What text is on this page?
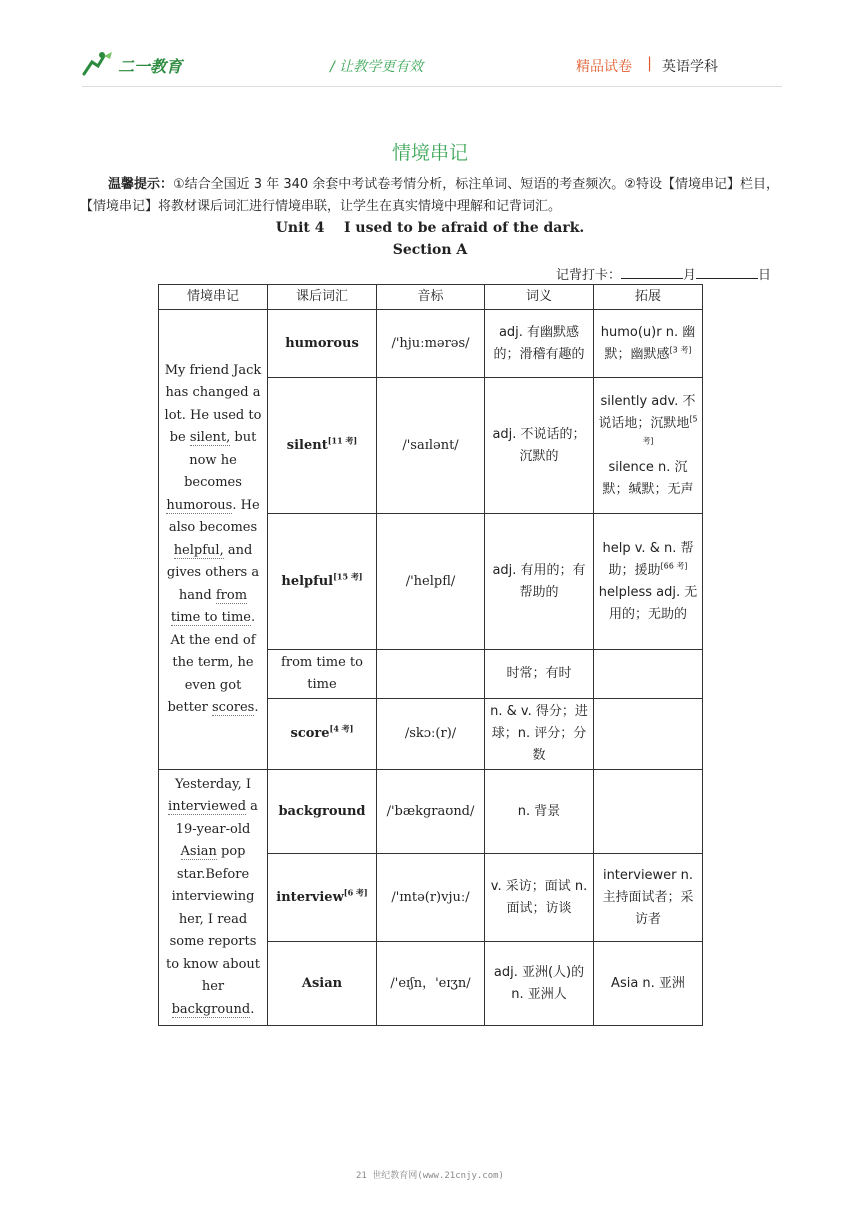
二一教育	/ 让教学更有效	精品试卷 | 英语学科
情境串记
温馨提示：①结合全国近 3 年 340 余套中考试卷考情分析，标注单词、短语的考查频次。②特设【情境串记】栏目，【情境串记】将教材课后词汇进行情境串联，让学生在真实情境中理解和记背词汇。
Unit 4    I used to be afraid of the dark.
Section A
记背打卡：	月	日
情境串记	课后词汇	音标	词义	拓展
My friend Jack has changed a lot. He used to be silent, but now he becomes humorous. He also becomes helpful, and gives others a hand from time to time. At the end of the term, he even got better scores.	humorous	/'hjuːmərəs/	adj. 有幽默感的；滑稽有趣的	humo(u)r n. 幽默；幽默感[3 考]
	silent[11 考]	/'saɪlənt/	adj. 不说话的；沉默的	silently adv. 不说话地；沉默地[5 考]
silence n. 沉默；缄默；无声
	helpful[15 考]	/'helpfl/	adj. 有用的；有帮助的	help v. & n. 帮助；援助[66 考]
helpless adj. 无用的；无助的
	from time to time		时常；有时	
	score[4 考]	/skɔː(r)/	n. & v. 得分；进球；n. 评分；分数	
Yesterday, I interviewed a 19-year-old Asian pop star.Before interviewing her, I read some reports to know about her background.	background	/'bækgraʊnd/	n. 背景	
	interview[6 考]	/'ɪntə(r)vjuː/	v. 采访；面试 n. 面试；访谈	interviewer n. 主持面试者；采访者
	Asian	/'eɪʃn，'eɪʒn/	adj. 亚洲(人)的 n. 亚洲人	Asia n. 亚洲
21 世纪教育网(www.21cnjy.com)
